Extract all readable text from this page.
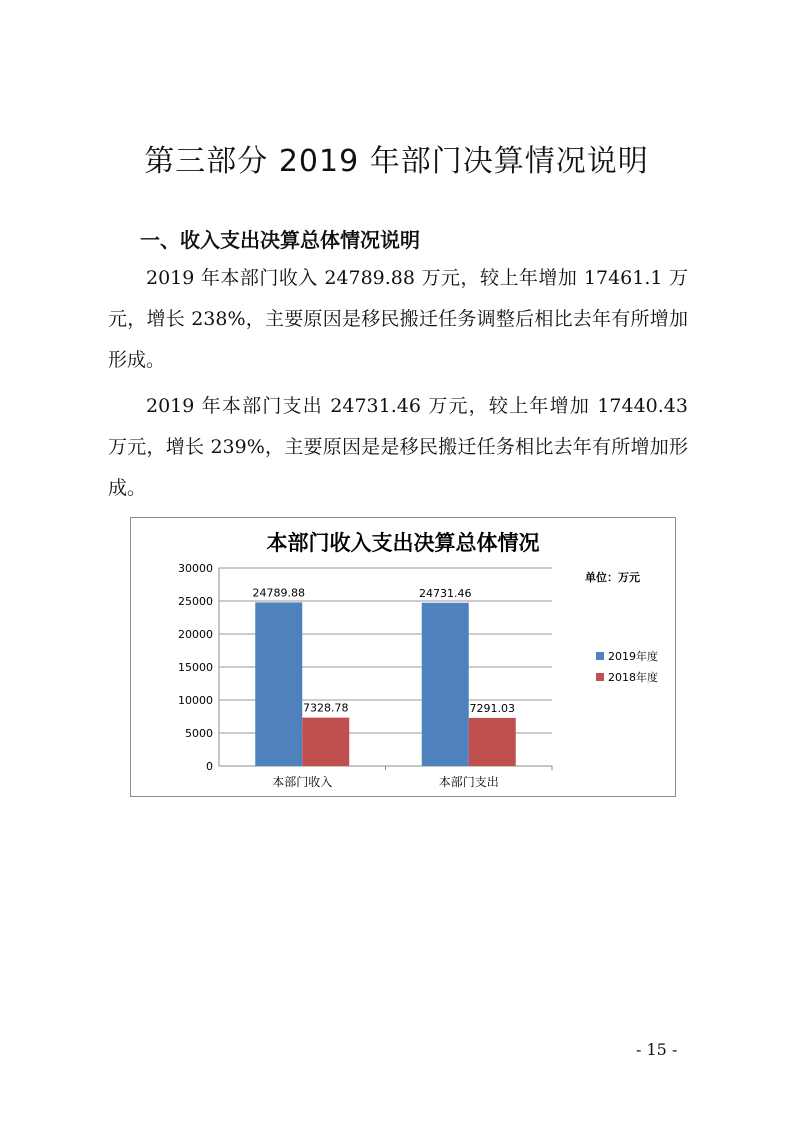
第三部分 2019 年部门决算情况说明
一、收入支出决算总体情况说明
2019 年本部门收入 24789.88 万元，较上年增加 17461.1 万元，增长 238%，主要原因是移民搬迁任务调整后相比去年有所增加形成。
2019 年本部门支出 24731.46 万元，较上年增加 17440.43 万元，增长 239%，主要原因是是移民搬迁任务相比去年有所增加形成。
本部门收入支出决算总体情况
0
5000
10000
15000
20000
25000
30000
24789.88
7328.78
本部门收入
24731.46
7291.03
本部门支出
单位：万元
2019年度
2018年度
- 15 -
